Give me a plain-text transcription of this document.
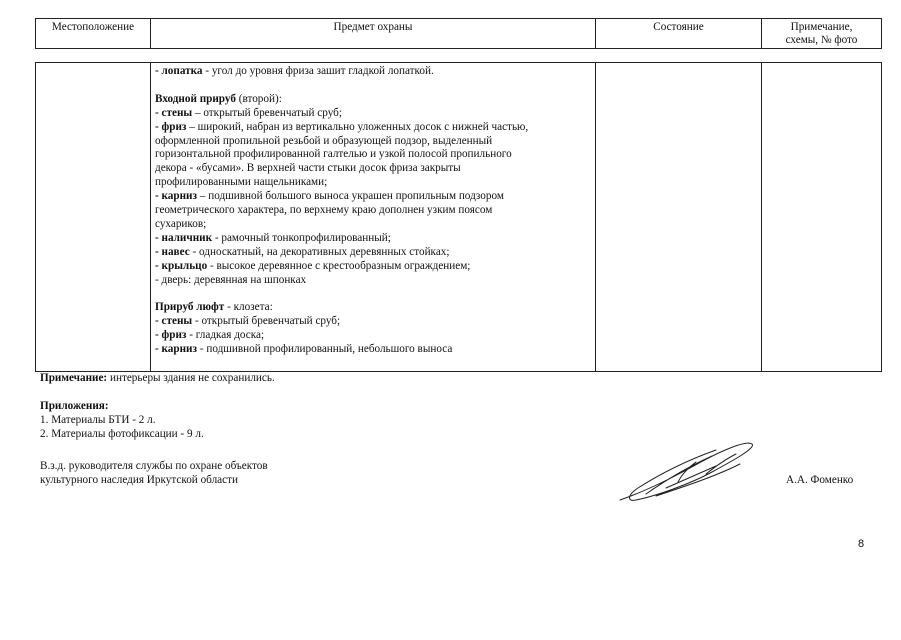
Местоположение	Предмет охраны	Состояние	Примечание,
схемы, № фото
- лопатка - угол до уровня фриза зашит гладкой лопаткой.
Входной прируб (второй):
- стены – открытый бревенчатый сруб;
- фриз – широкий, набран из вертикально уложенных досок с нижней частью,
оформленной пропильной резьбой и образующей подзор, выделенный
горизонтальной профилированной галтелью и узкой полосой пропильного
декора - «бусами». В верхней части стыки досок фриза закрыты
профилированными нащельниками;
- карниз – подшивной большого выноса украшен пропильным подзором
геометрического характера, по верхнему краю дополнен узким поясом
сухариков;
- наличник - рамочный тонкопрофилированный;
- навес - односкатный, на декоративных деревянных стойках;
- крыльцо - высокое деревянное с крестообразным ограждением;
- дверь: деревянная на шпонках
Прируб люфт - клозета:
- стены - открытый бревенчатый сруб;
- фриз - гладкая доска;
- карниз - подшивной профилированный, небольшого выноса
Примечание: интерьеры здания не сохранились.
Приложения:
1. Материалы БТИ - 2 л.
2. Материалы фотофиксации - 9 л.
В.з.д. руководителя службы по охране объектов
культурного наследия Иркутской области	А.А. Фоменко
8
